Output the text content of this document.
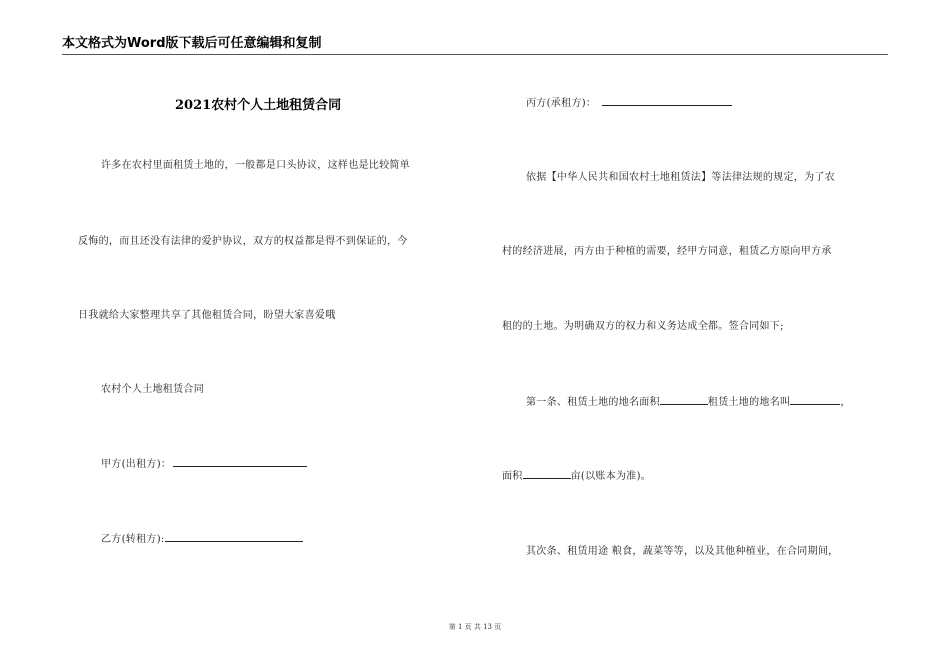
本文格式为Word版下载后可任意编辑和复制
2021农村个人土地租赁合同
许多在农村里面租赁土地的，一般都是口头协议，这样也是比较简单
反悔的，而且还没有法律的爱护协议，双方的权益都是得不到保证的，今
日我就给大家整理共享了其他租赁合同，盼望大家喜爱哦
农村个人土地租赁合同
甲方(出租方)：
乙方(转租方):
丙方(承租方)：
依据【中华人民共和国农村土地租赁法】等法律法规的规定，为了农
村的经济进展，丙方由于种植的需要，经甲方同意，租赁乙方原向甲方承
租的的土地。为明确双方的权力和义务达成全都。签合同如下;
第一条、租赁土地的地名面积	租赁土地的地名叫	，
面积	亩(以账本为准)。
其次条、租赁用途 粮食，蔬菜等等，以及其他种植业，在合同期间，
第 1 页 共 13 页
